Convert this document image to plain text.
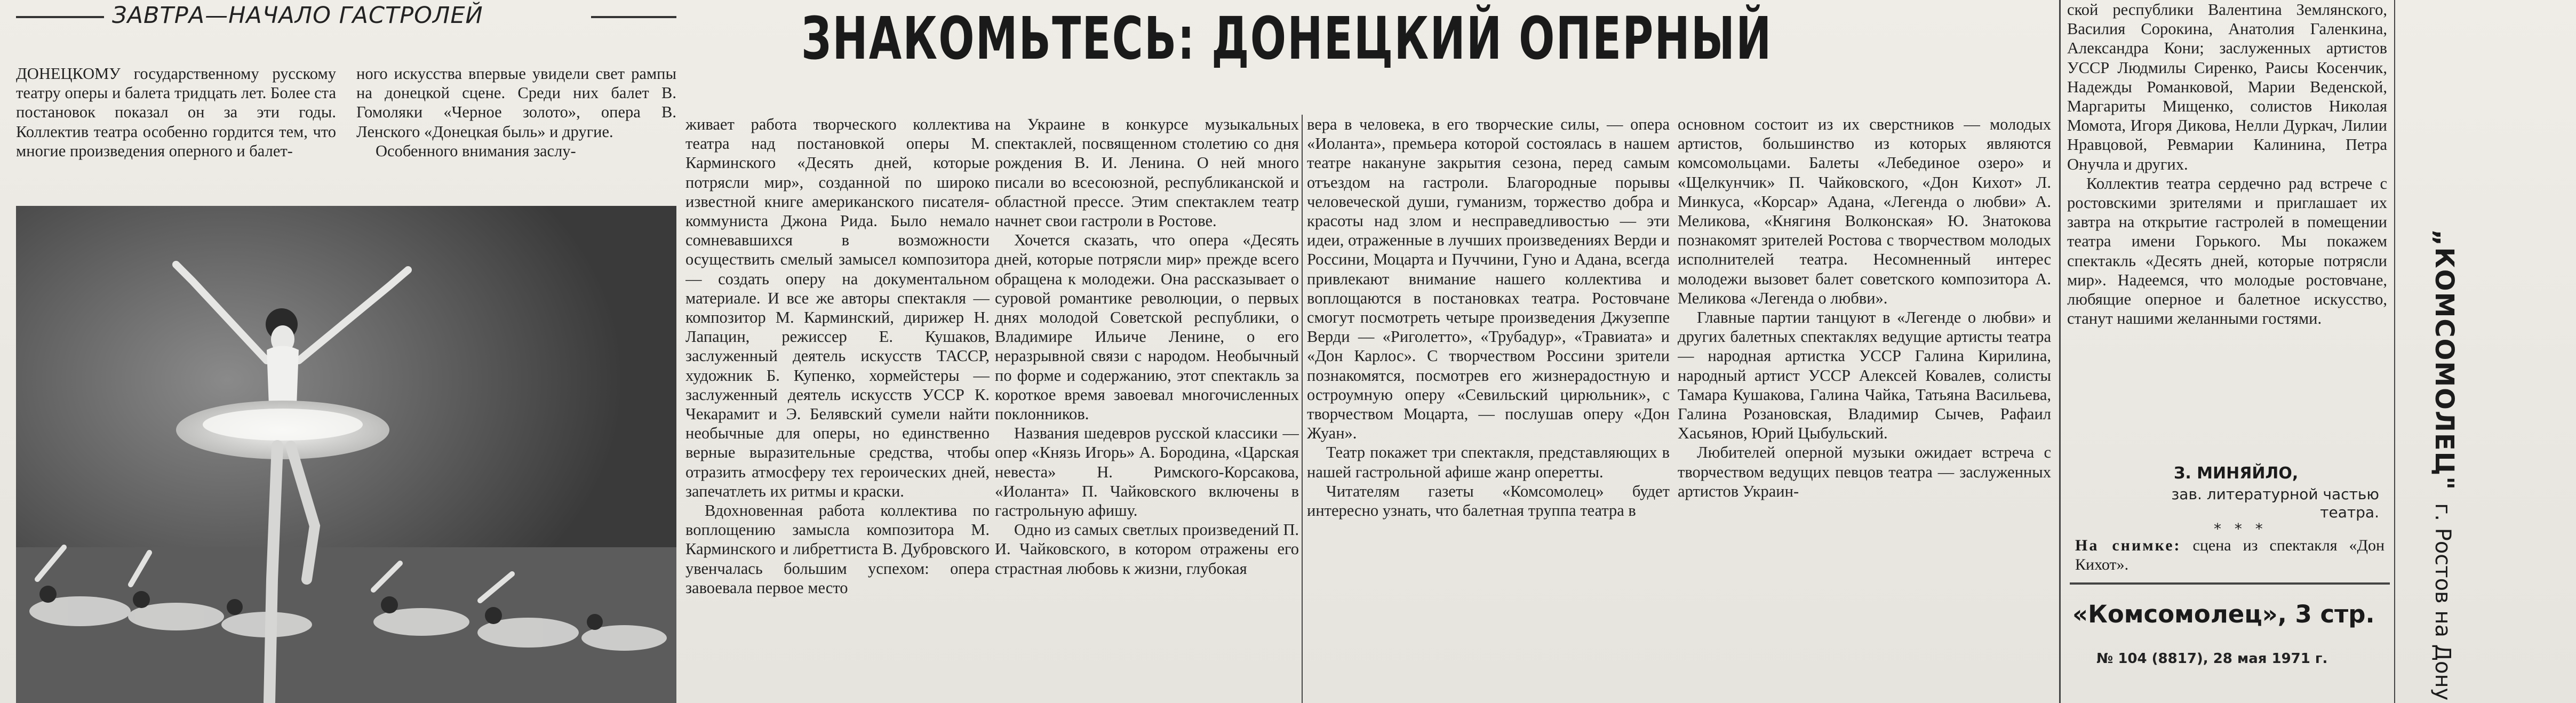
ЗАВТРА—НАЧАЛО ГАСТРОЛЕЙ	ЗНАКОМЬТЕСЬ: ДОНЕЦКИЙ ОПЕРНЫЙ

ДОНЕЦКОМУ государственному русскому театру оперы и балета тридцать лет. Более ста постановок показал он за эти годы. Коллектив театра особенно гордится тем, что многие произведения оперного и балет-

ного искусства впервые увидели свет рампы на донецкой сцене. Среди них балет В. Гомоляки «Черное золото», опера В. Ленского «Донецкая быль» и другие.

Особенного внимания заслу-

живает работа творческого коллектива театра над постановкой оперы М. Карминского «Десять дней, которые потрясли мир», созданной по широко известной книге американского писателя-коммуниста Джона Рида. Было немало сомневавшихся в возможности осуществить смелый замысел композитора — создать оперу на документальном материале. И все же авторы спектакля — композитор М. Карминский, дирижер Н. Лапацин, режиссер Е. Кушаков, заслуженный деятель искусств ТАССР, художник Б. Купенко, хормейстеры — заслуженный деятель искусств УССР К. Чекарамит и Э. Белявский сумели найти необычные для оперы, но единственно верные выразительные средства, чтобы отразить атмосферу тех героических дней, запечатлеть их ритмы и краски.

Вдохновенная работа коллектива по воплощению замысла композитора М. Карминского и либреттиста В. Дубровского увенчалась большим успехом: опера завоевала первое место

на Украине в конкурсе музыкальных спектаклей, посвященном столетию со дня рождения В. И. Ленина. О ней много писали во всесоюзной, республиканской и областной прессе. Этим спектаклем театр начнет свои гастроли в Ростове.

Хочется сказать, что опера «Десять дней, которые потрясли мир» прежде всего обращена к молодежи. Она рассказывает о суровой романтике революции, о первых днях молодой Советской республики, о Владимире Ильиче Ленине, о его неразрывной связи с народом. Необычный по форме и содержанию, этот спектакль за короткое время завоевал многочисленных поклонников.

Названия шедевров русской классики — опер «Князь Игорь» А. Бородина, «Царская невеста» Н. Римского-Корсакова, «Иоланта» П. Чайковского включены в гастрольную афишу.

Одно из самых светлых произведений П. И. Чайковского, в котором отражены его страстная любовь к жизни, глубокая

вера в человека, в его творческие силы, — опера «Иоланта», премьера которой состоялась в нашем театре накануне закрытия сезона, перед самым отъездом на гастроли. Благородные порывы человеческой души, гуманизм, торжество добра и красоты над злом и несправедливостью — эти идеи, отраженные в лучших произведениях Верди и Россини, Моцарта и Пуччини, Гуно и Адана, всегда привлекают внимание нашего коллектива и воплощаются в постановках театра. Ростовчане смогут посмотреть четыре произведения Джузеппе Верди — «Риголетто», «Трубадур», «Травиата» и «Дон Карлос». С творчеством Россини зрители познакомятся, посмотрев его жизнерадостную и остроумную оперу «Севильский цирюльник», с творчеством Моцарта, — послушав оперу «Дон Жуан».

Театр покажет три спектакля, представляющих в нашей гастрольной афише жанр оперетты.

Читателям газеты «Комсомолец» будет интересно узнать, что балетная труппа театра в

основном состоит из их сверстников — молодых артистов, большинство из которых являются комсомольцами. Балеты «Лебединое озеро» и «Щелкунчик» П. Чайковского, «Дон Кихот» Л. Минкуса, «Корсар» Адана, «Легенда о любви» А. Меликова, «Княгиня Волконская» Ю. Знатокова познакомят зрителей Ростова с творчеством молодых исполнителей театра. Несомненный интерес молодежи вызовет балет советского композитора А. Меликова «Легенда о любви».

Главные партии танцуют в «Легенде о любви» и других балетных спектаклях ведущие артисты театра — народная артистка УССР Галина Кирилина, народный артист УССР Алексей Ковалев, солисты Тамара Кушакова, Галина Чайка, Татьяна Васильева, Галина Розановская, Владимир Сычев, Рафаил Хасьянов, Юрий Цыбульский.

Любителей оперной музыки ожидает встреча с творчеством ведущих певцов театра — заслуженных артистов Украин-

ской республики Валентина Землянского, Василия Сорокина, Анатолия Галенкина, Александра Кони; заслуженных артистов УССР Людмилы Сиренко, Раисы Косенчик, Надежды Романковой, Марии Веденской, Маргариты Мищенко, солистов Николая Момота, Игоря Дикова, Нелли Дуркач, Лилии Нравцовой, Ревмарии Калинина, Петра Онучла и других.

Коллектив театра сердечно рад встрече с ростовскими зрителями и приглашает их завтра на открытие гастролей в помещении театра имени Горького. Мы покажем спектакль «Десять дней, которые потрясли мир». Надеемся, что молодые ростовчане, любящие оперное и балетное искусство, станут нашими желанными гостями.

З. МИНЯЙЛО,
зав. литературной частью театра.
* * *
На снимке: сцена из спектакля «Дон Кихот».
«Комсомолец», 3 стр.
№ 104 (8817), 28 мая 1971 г.
„КОМСОМОЛЕЦ" г. Ростов на Дону
